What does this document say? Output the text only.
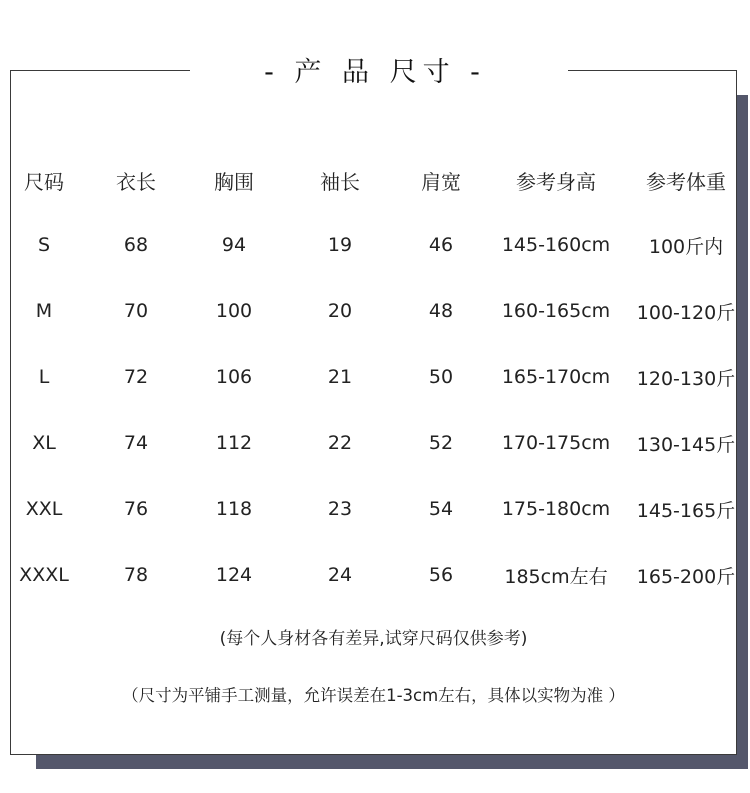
- 产 品 尺寸 -
尺码	衣长	胸围	袖长	肩宽	参考身高	参考体重
S	68	94	19	46	145-160cm	100斤内
M	70	100	20	48	160-165cm	100-120斤
L	72	106	21	50	165-170cm	120-130斤
XL	74	112	22	52	170-175cm	130-145斤
XXL	76	118	23	54	175-180cm	145-165斤
XXXL	78	124	24	56	185cm左右	165-200斤
(每个人身材各有差异,试穿尺码仅供参考)
（尺寸为平铺手工测量，允许误差在1-3cm左右，具体以实物为准 ）
